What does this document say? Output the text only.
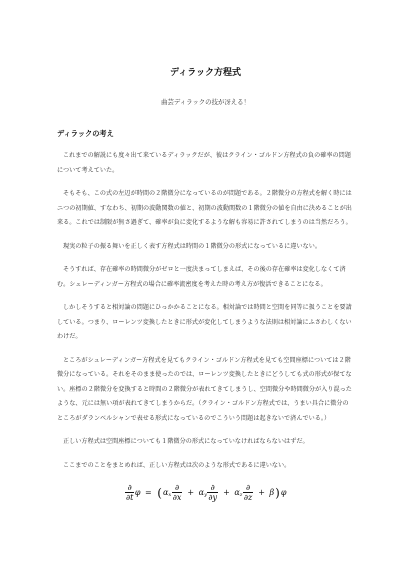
ディラック方程式

曲芸ディラックの技が冴える！

ディラックの考え

これまでの解説にも度々出て来ているディラックだが、彼はクライン・ゴルドン方程式の負の確率の問題について考えていた。

そもそも、この式の左辺が時間の２階微分になっているのが問題である。２階微分の方程式を解く時にはニつの初期値、すなわち、初期の波動関数の値と、初期の波動関数の１階微分の値を自由に決めることが出来る。これでは制限が無さ過ぎて、確率が負に変化するような解も容易に許されてしまうのは当然だろう。

現実の粒子の振る舞いを正しく表す方程式は時間の１階微分の形式になっているに違いない。

そうすれば、存在確率の時間微分がゼロと一度決まってしまえば、その後の存在確率は変化しなくて済む。シュレーディンガー方程式の場合に確率流密度を考えた時の考え方が復活できることになる。

しかしそうすると相対論の問題にひっかかることになる。相対論では時間と空間を同等に扱うことを要請している。つまり、ローレンツ変換したときに形式が変化してしまうような法則は相対論にふさわしくないわけだ。

ところがシュレーディンガー方程式を見てもクライン・ゴルドン方程式を見ても空間座標については２階微分になっている。それをそのまま使ったのでは、ローレンツ変換したときにどうしても式の形式が保てない。座標の２階微分を変換すると時間の２階微分が表れてきてしまうし、空間微分や時間微分が入り混ったような、元には無い項が表れてきてしまうからだ。（クライン・ゴルドン方程式では、うまい具合に微分のところがダランベルシャンで表せる形式になっているのでこういう問題は起きないで済んでいる。）

正しい方程式は空間座標についても１階微分の形式になっていなければならないはずだ。

ここまでのことをまとめれば、正しい方程式は次のような形式であるに違いない。

$\frac{\partial}{\partial t}$ $\varphi = (\alpha_x \frac{\partial}{\partial x} + \alpha_y \frac{\partial}{\partial y} + \alpha_z \frac{\partial}{\partial z} + \beta)\varphi$
